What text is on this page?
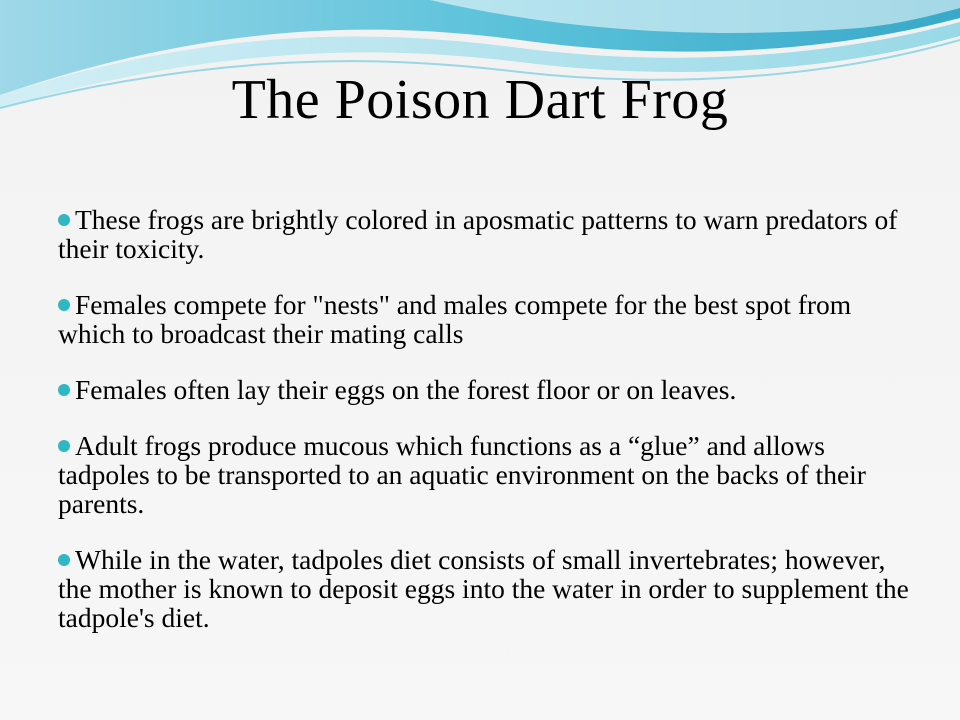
The Poison Dart Frog
These frogs are brightly colored in aposmatic patterns to warn predators of their toxicity.
Females compete for "nests" and males compete for the best spot from which to broadcast their mating calls
Females often lay their eggs on the forest floor or on leaves.
Adult frogs produce mucous which functions as a “glue” and allows tadpoles to be transported to an aquatic environment on the backs of their parents.
While in the water, tadpoles diet consists of small invertebrates; however, the mother is known to deposit eggs into the water in order to supplement the tadpole's diet.
